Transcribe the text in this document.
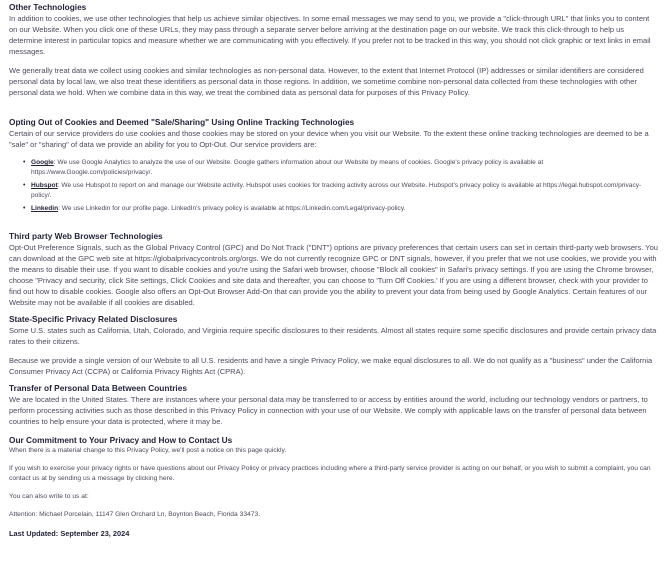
Other Technologies

In addition to cookies, we use other technologies that help us achieve similar objectives. In some email messages we may send to you, we provide a "click-through URL" that links you to content on our Website. When you click one of these URLs, they may pass through a separate server before arriving at the destination page on our website. We track this click-through to help us determine interest in particular topics and measure whether we are communicating with you effectively. If you prefer not to be tracked in this way, you should not click graphic or text links in email messages.

We generally treat data we collect using cookies and similar technologies as non-personal data. However, to the extent that Internet Protocol (IP) addresses or similar identifiers are considered personal data by local law, we also treat these identifiers as personal data in those regions. In addition, we sometime combine non-personal data collected from these technologies with other personal data we hold. When we combine data in this way, we treat the combined data as personal data for purposes of this Privacy Policy.

Opting Out of Cookies and Deemed "Sale/Sharing" Using Online Tracking Technologies

Certain of our service providers do use cookies and those cookies may be stored on your device when you visit our Website. To the extent these online tracking technologies are deemed to be a "sale" or "sharing" of data we provide an ability for you to Opt-Out. Our service providers are:

• Google: We use Google Analytics to analyze the use of our Website. Google gathers information about our Website by means of cookies. Google's privacy policy is available at https://www.Google.com/policies/privacy/.
• Hubspot: We use Hubspot to report on and manage our Website activity. Hubspot uses cookies for tracking activity across our Website. Hubspot's privacy policy is available at https://legal.hubspot.com/privacy-policy/.
• Linkedin: We use Linkedin for our profile page. LinkedIn's privacy policy is available at https://Linkedin.com/Legal/privacy-policy.
Third party Web Browser Technologies

Opt-Out Preference Signals, such as the Global Privacy Control (GPC) and Do Not Track ("DNT") options are privacy preferences that certain users can set in certain third-party web browsers. You can download at the GPC web site at https://globalprivacycontrols.org/orgs. We do not currently recognize GPC or DNT signals, however, if you prefer that we not use cookies, we provide you with the means to disable their use. If you want to disable cookies and you're using the Safari web browser, choose "Block all cookies" in Safari's privacy settings. If you are using the Chrome browser, choose "Privacy and security, click Site settings, Click Cookies and site data and thereafter, you can choose to 'Turn Off Cookies.' If you are using a different browser, check with your provider to find out how to disable cookies. Google also offers an Opt-Out Browser Add-On that can provide you the ability to prevent your data from being used by Google Analytics. Certain features of our Website may not be available if all cookies are disabled.

State-Specific Privacy Related Disclosures

Some U.S. states such as California, Utah, Colorado, and Virginia require specific disclosures to their residents. Almost all states require some specific disclosures and provide certain privacy data rates to their citizens.

Because we provide a single version of our Website to all U.S. residents and have a single Privacy Policy, we make equal disclosures to all. We do not qualify as a "business" under the California Consumer Privacy Act (CCPA) or California Privacy Rights Act (CPRA).

Transfer of Personal Data Between Countries

We are located in the United States. There are instances where your personal data may be transferred to or access by entities around the world, including our technology vendors or partners, to perform processing activities such as those described in this Privacy Policy in connection with your use of our Website. We comply with applicable laws on the transfer of personal data between countries to help ensure your data is protected, where it may be.

Our Commitment to Your Privacy and How to Contact Us

When there is a material change to this Privacy Policy, we'll post a notice on this page quickly.

If you wish to exercise your privacy rights or have questions about our Privacy Policy or privacy practices including where a third-party service provider is acting on our behalf, or you wish to submit a complaint, you can contact us at by sending us a message by clicking here.

You can also write to us at:

Attention: Michael Porcelain, 11147 Glen Orchard Ln, Boynton Beach, Florida 33473.

Last Updated: September 23, 2024
